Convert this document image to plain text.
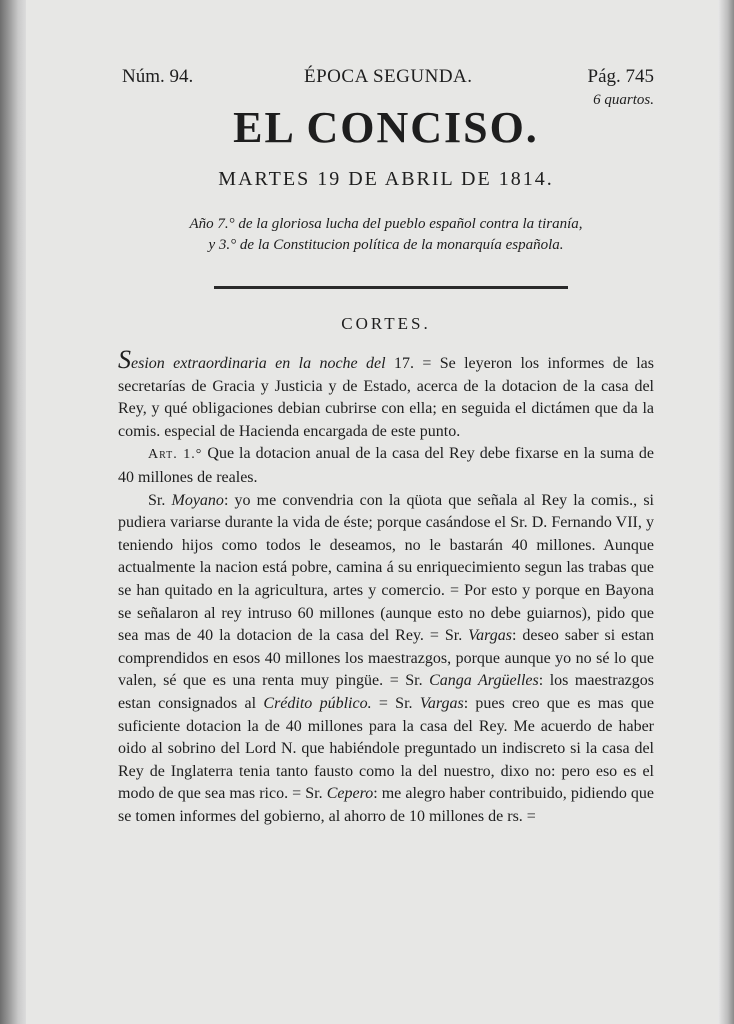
Núm. 94.	ÉPOCA SEGUNDA.	Pág. 745
6 quartos.
EL CONCISO.
MARTES 19 DE ABRIL DE 1814.
Año 7.° de la gloriosa lucha del pueblo español contra la tiranía,
y 3.° de la Constitucion política de la monarquía española.
CORTES.

Sesion extraordinaria en la noche del 17. = Se leyeron los informes de las secretarías de Gracia y Justicia y de Estado, acerca de la dotacion de la casa del Rey, y qué obligaciones debian cubrirse con ella; en seguida el dictámen que da la comis. especial de Hacienda encargada de este punto.

Art. 1.° Que la dotacion anual de la casa del Rey debe fixarse en la suma de 40 millones de reales.

Sr. Moyano: yo me convendria con la qüota que señala al Rey la comis., si pudiera variarse durante la vida de éste; porque casándose el Sr. D. Fernando VII, y teniendo hijos como todos le deseamos, no le bastarán 40 millones. Aunque actualmente la nacion está pobre, camina á su enriquecimiento segun las trabas que se han quitado en la agricultura, artes y comercio. = Por esto y porque en Bayona se señalaron al rey intruso 60 millones (aunque esto no debe guiarnos), pido que sea mas de 40 la dotacion de la casa del Rey. = Sr. Vargas: deseo saber si estan comprendidos en esos 40 millones los maestrazgos, porque aunque yo no sé lo que valen, sé que es una renta muy pingüe. = Sr. Canga Argüelles: los maestrazgos estan consignados al Crédito público. = Sr. Vargas: pues creo que es mas que suficiente dotacion la de 40 millones para la casa del Rey. Me acuerdo de haber oido al sobrino del Lord N. que habiéndole preguntado un indiscreto si la casa del Rey de Inglaterra tenia tanto fausto como la del nuestro, dixo no: pero eso es el modo de que sea mas rico. = Sr. Cepero: me alegro haber contribuido, pidiendo que se tomen informes del gobierno, al ahorro de 10 millones de rs. =
